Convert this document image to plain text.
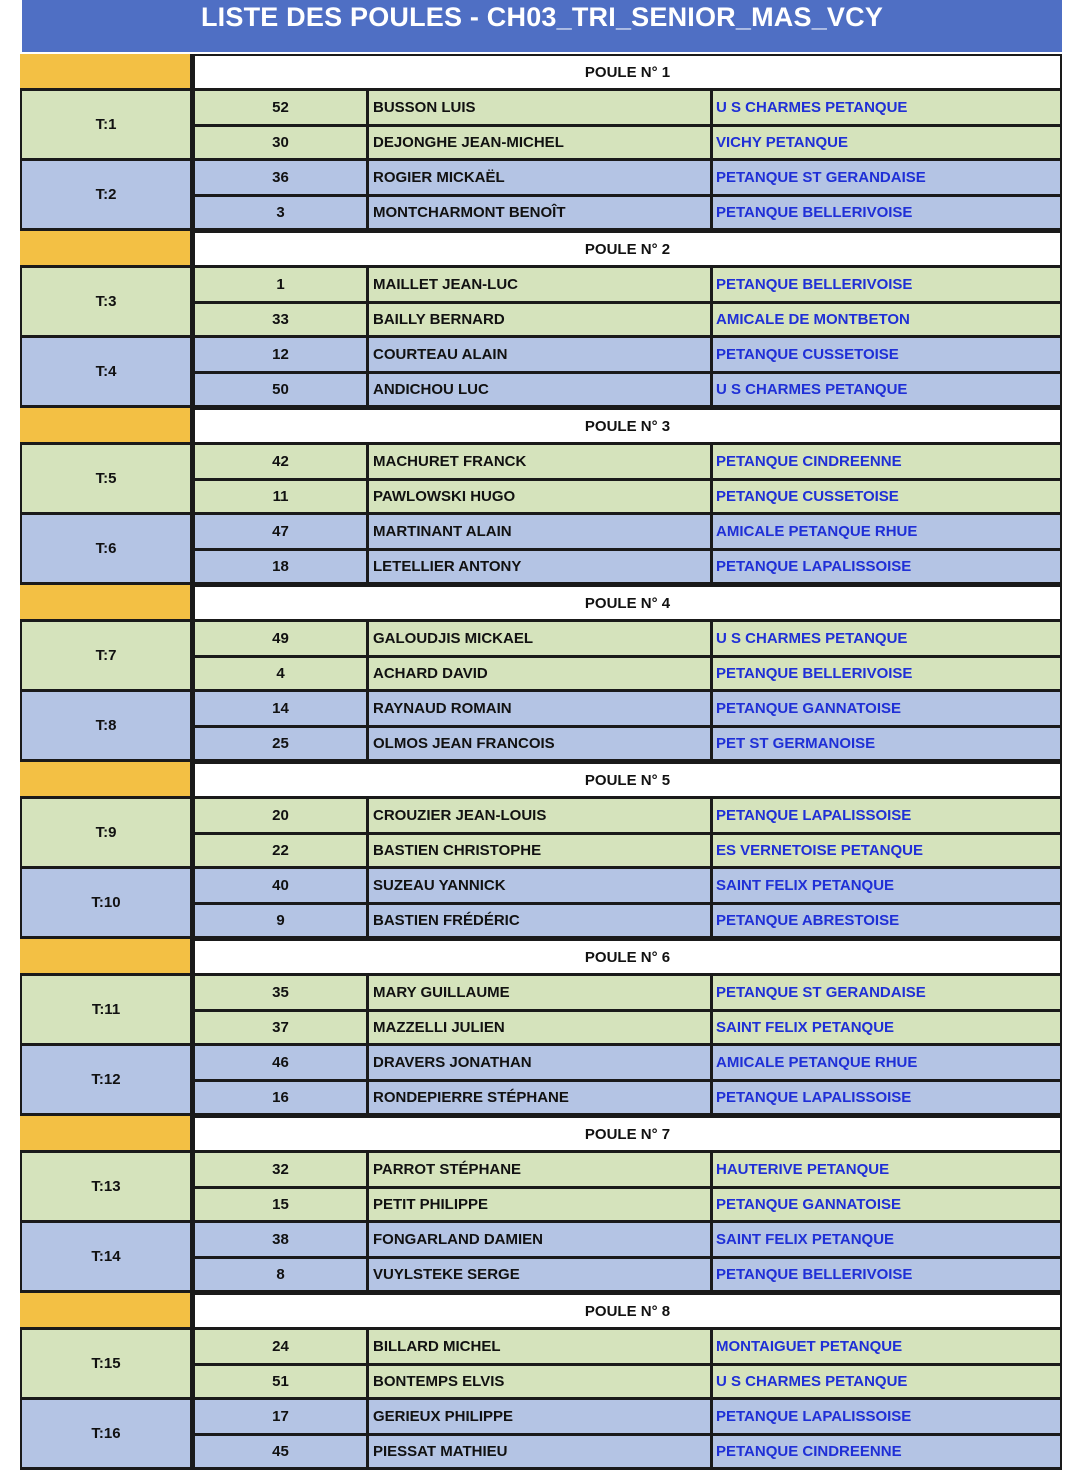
LISTE DES POULES - CH03_TRI_SENIOR_MAS_VCY
POULE N° 1
T:1
52	BUSSON LUIS	U S CHARMES PETANQUE
30	DEJONGHE JEAN-MICHEL	VICHY PETANQUE
T:2
36	ROGIER MICKAËL	PETANQUE ST GERANDAISE
3	MONTCHARMONT BENOÎT	PETANQUE BELLERIVOISE
POULE N° 2
T:3
1	MAILLET JEAN-LUC	PETANQUE BELLERIVOISE
33	BAILLY BERNARD	AMICALE DE MONTBETON
T:4
12	COURTEAU ALAIN	PETANQUE CUSSETOISE
50	ANDICHOU LUC	U S CHARMES PETANQUE
POULE N° 3
T:5
42	MACHURET FRANCK	PETANQUE CINDREENNE
11	PAWLOWSKI HUGO	PETANQUE CUSSETOISE
T:6
47	MARTINANT ALAIN	AMICALE PETANQUE RHUE
18	LETELLIER ANTONY	PETANQUE LAPALISSOISE
POULE N° 4
T:7
49	GALOUDJIS MICKAEL	U S CHARMES PETANQUE
4	ACHARD DAVID	PETANQUE BELLERIVOISE
T:8
14	RAYNAUD ROMAIN	PETANQUE GANNATOISE
25	OLMOS JEAN FRANCOIS	PET ST GERMANOISE
POULE N° 5
T:9
20	CROUZIER JEAN-LOUIS	PETANQUE LAPALISSOISE
22	BASTIEN CHRISTOPHE	ES VERNETOISE PETANQUE
T:10
40	SUZEAU YANNICK	SAINT FELIX PETANQUE
9	BASTIEN FRÉDÉRIC	PETANQUE ABRESTOISE
POULE N° 6
T:11
35	MARY GUILLAUME	PETANQUE ST GERANDAISE
37	MAZZELLI JULIEN	SAINT FELIX PETANQUE
T:12
46	DRAVERS JONATHAN	AMICALE PETANQUE RHUE
16	RONDEPIERRE STÉPHANE	PETANQUE LAPALISSOISE
POULE N° 7
T:13
32	PARROT STÉPHANE	HAUTERIVE PETANQUE
15	PETIT PHILIPPE	PETANQUE GANNATOISE
T:14
38	FONGARLAND DAMIEN	SAINT FELIX PETANQUE
8	VUYLSTEKE SERGE	PETANQUE BELLERIVOISE
POULE N° 8
T:15
24	BILLARD MICHEL	MONTAIGUET PETANQUE
51	BONTEMPS ELVIS	U S CHARMES PETANQUE
T:16
17	GERIEUX PHILIPPE	PETANQUE LAPALISSOISE
45	PIESSAT MATHIEU	PETANQUE CINDREENNE
